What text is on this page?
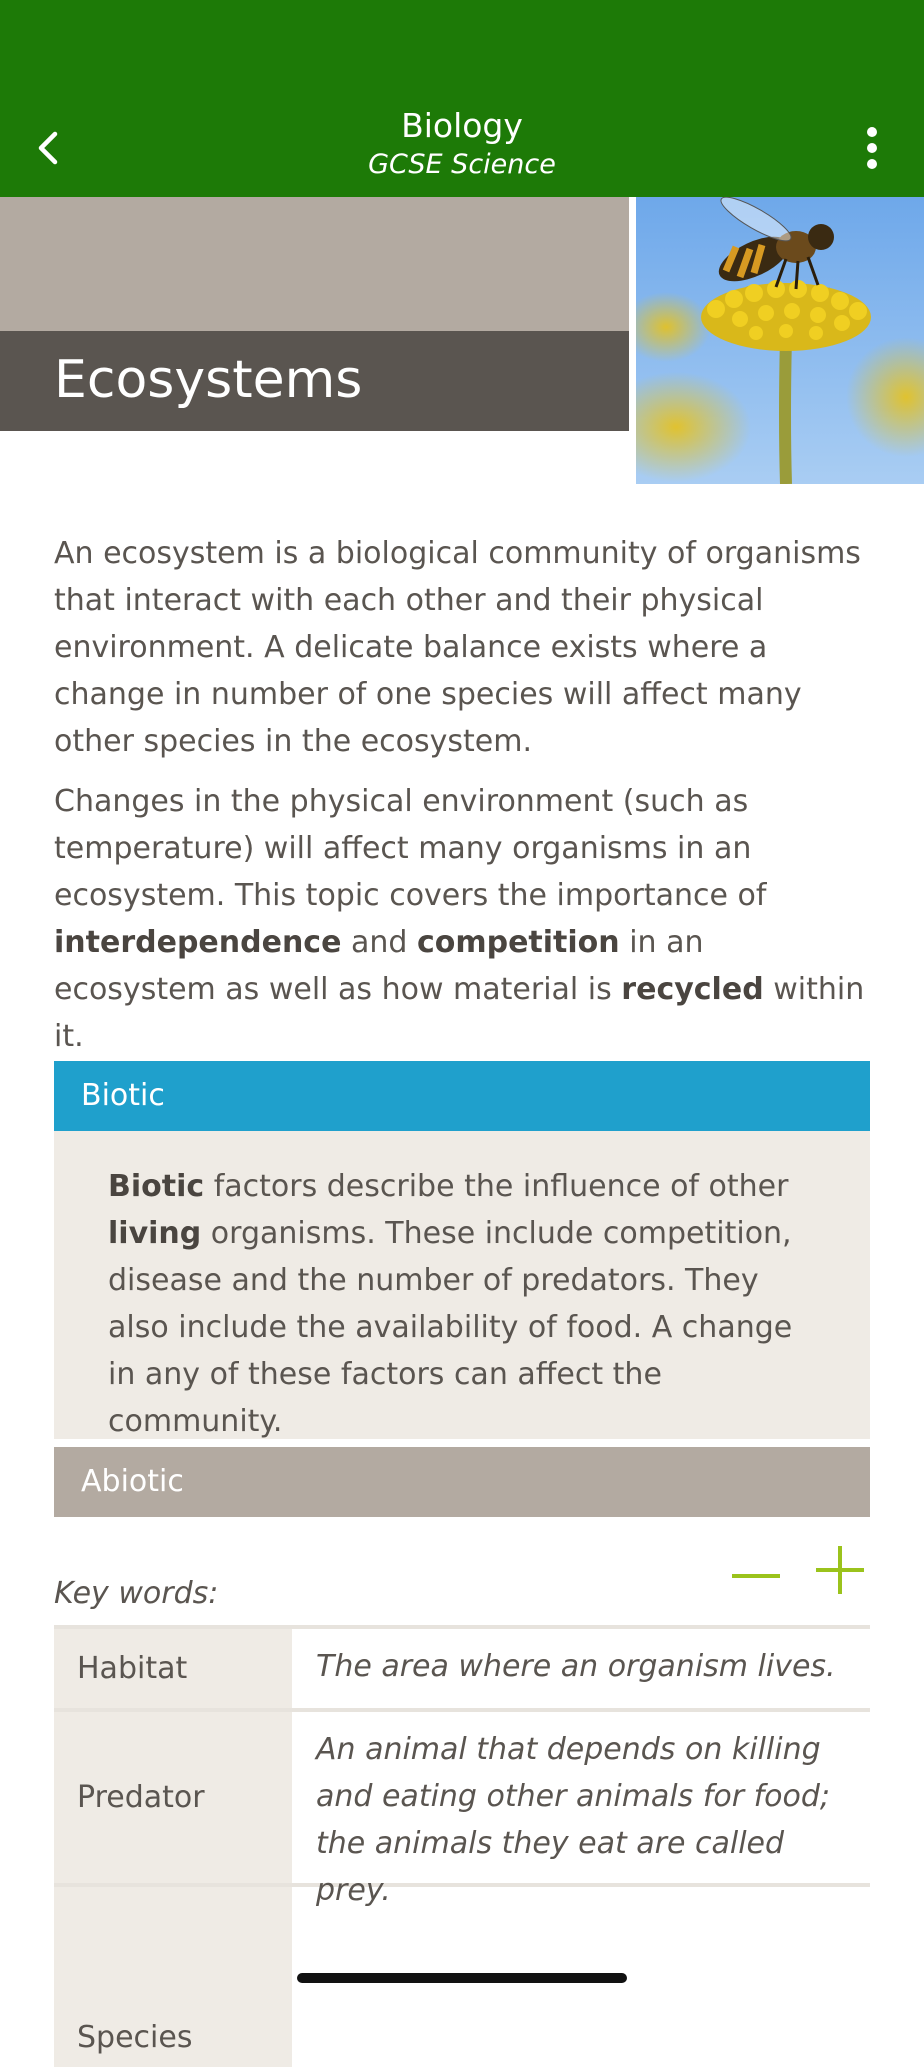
Biology
GCSE Science
Ecosystems

An ecosystem is a biological community of organisms that interact with each other and their physical environment. A delicate balance exists where a change in number of one species will affect many other species in the ecosystem.

Changes in the physical environment (such as temperature) will affect many organisms in an ecosystem. This topic covers the importance of interdependence and competition in an ecosystem as well as how material is recycled within it.

Biotic
Biotic factors describe the influence of other living organisms. These include competition, disease and the number of predators. They also include the availability of food. A change in any of these factors can affect the community.
Abiotic
Key words:
Habitat	The area where an organism lives.
Predator
An animal that depends on killing and eating other animals for food; the animals they eat are called prey.
Species
